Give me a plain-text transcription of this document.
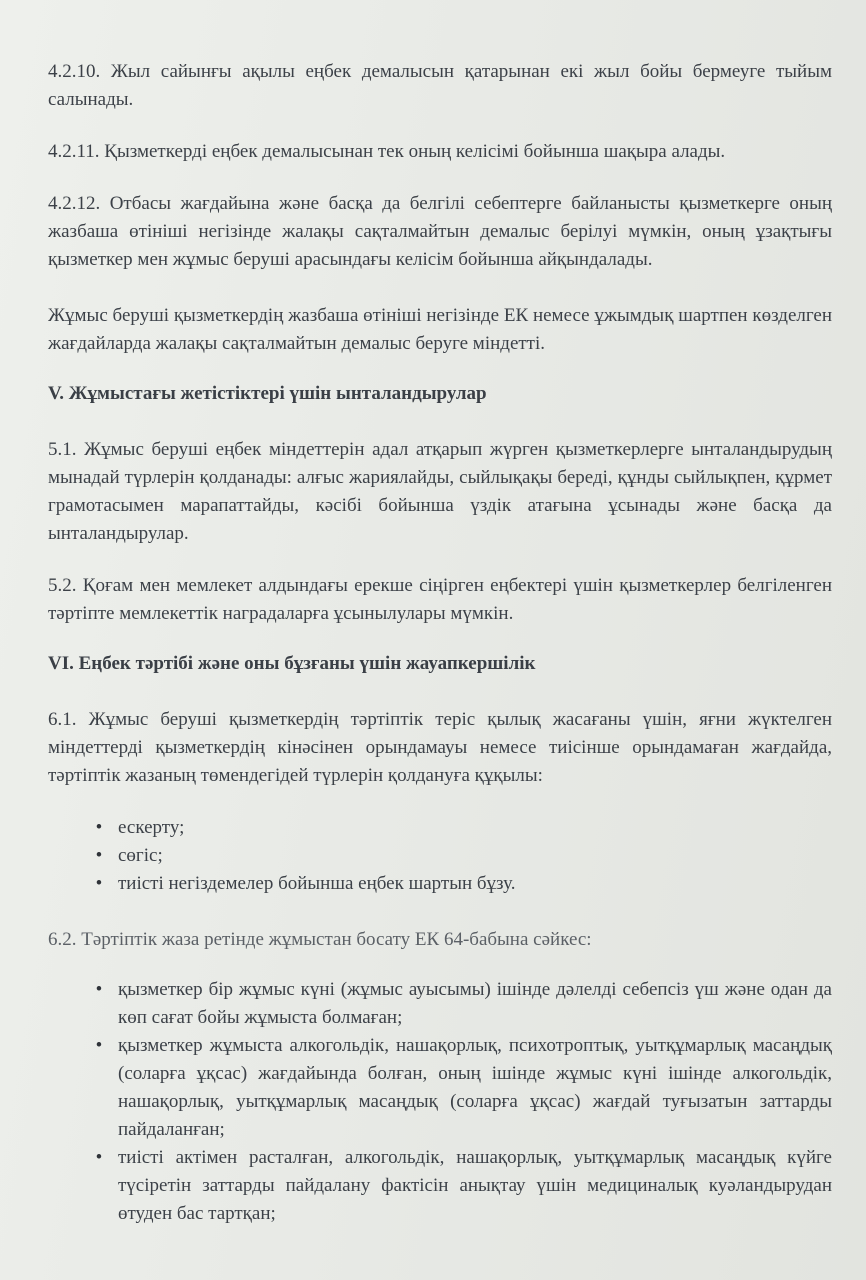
4.2.10. Жыл сайынғы ақылы еңбек демалысын қатарынан екі жыл бойы бермеуге тыйым салынады.

4.2.11. Қызметкерді еңбек демалысынан тек оның келісімі бойынша шақыра алады.

4.2.12. Отбасы жағдайына және басқа да белгілі себептерге байланысты қызметкерге оның жазбаша өтініші негізінде жалақы сақталмайтын демалыс берілуі мүмкін, оның ұзақтығы қызметкер мен жұмыс беруші арасындағы келісім бойынша айқындалады.

Жұмыс беруші қызметкердің жазбаша өтініші негізінде ЕК немесе ұжымдық шартпен көзделген жағдайларда жалақы сақталмайтын демалыс беруге міндетті.

V. Жұмыстағы жетістіктері үшін ынталандырулар

5.1. Жұмыс беруші еңбек міндеттерін адал атқарып жүрген қызметкерлерге ынталандырудың мынадай түрлерін қолданады: алғыс жариялайды, сыйлықақы береді, құнды сыйлықпен, құрмет грамотасымен марапаттайды, кәсібі бойынша үздік атағына ұсынады және басқа да ынталандырулар.

5.2. Қоғам мен мемлекет алдындағы ерекше сіңірген еңбектері үшін қызметкерлер белгіленген тәртіпте мемлекеттік наградаларға ұсынылулары мүмкін.

VI. Еңбек тәртібі және оны бұзғаны үшін жауапкершілік

6.1. Жұмыс беруші қызметкердің тәртіптік теріс қылық жасағаны үшін, яғни жүктелген міндеттерді қызметкердің кінәсінен орындамауы немесе тиісінше орындамаған жағдайда, тәртіптік жазаның төмендегідей түрлерін қолдануға құқылы:

• ескерту;
• сөгіс;
• тиісті негіздемелер бойынша еңбек шартын бұзу.

6.2. Тәртіптік жаза ретінде жұмыстан босату ЕК 64-бабына сәйкес:

• қызметкер бір жұмыс күні (жұмыс ауысымы) ішінде дәлелді себепсіз үш және одан да көп сағат бойы жұмыста болмаған;
• қызметкер жұмыста алкогольдік, нашақорлық, психотроптық, уытқұмарлық масаңдық (соларға ұқсас) жағдайында болған, оның ішінде жұмыс күні ішінде алкогольдік, нашақорлық, уытқұмарлық масаңдық (соларға ұқсас) жағдай туғызатын заттарды пайдаланған;
• тиісті актімен расталған, алкогольдік, нашақорлық, уытқұмарлық масаңдық күйге түсіретін заттарды пайдалану фактісін анықтау үшін медициналық куәландырудан өтуден бас тартқан;
